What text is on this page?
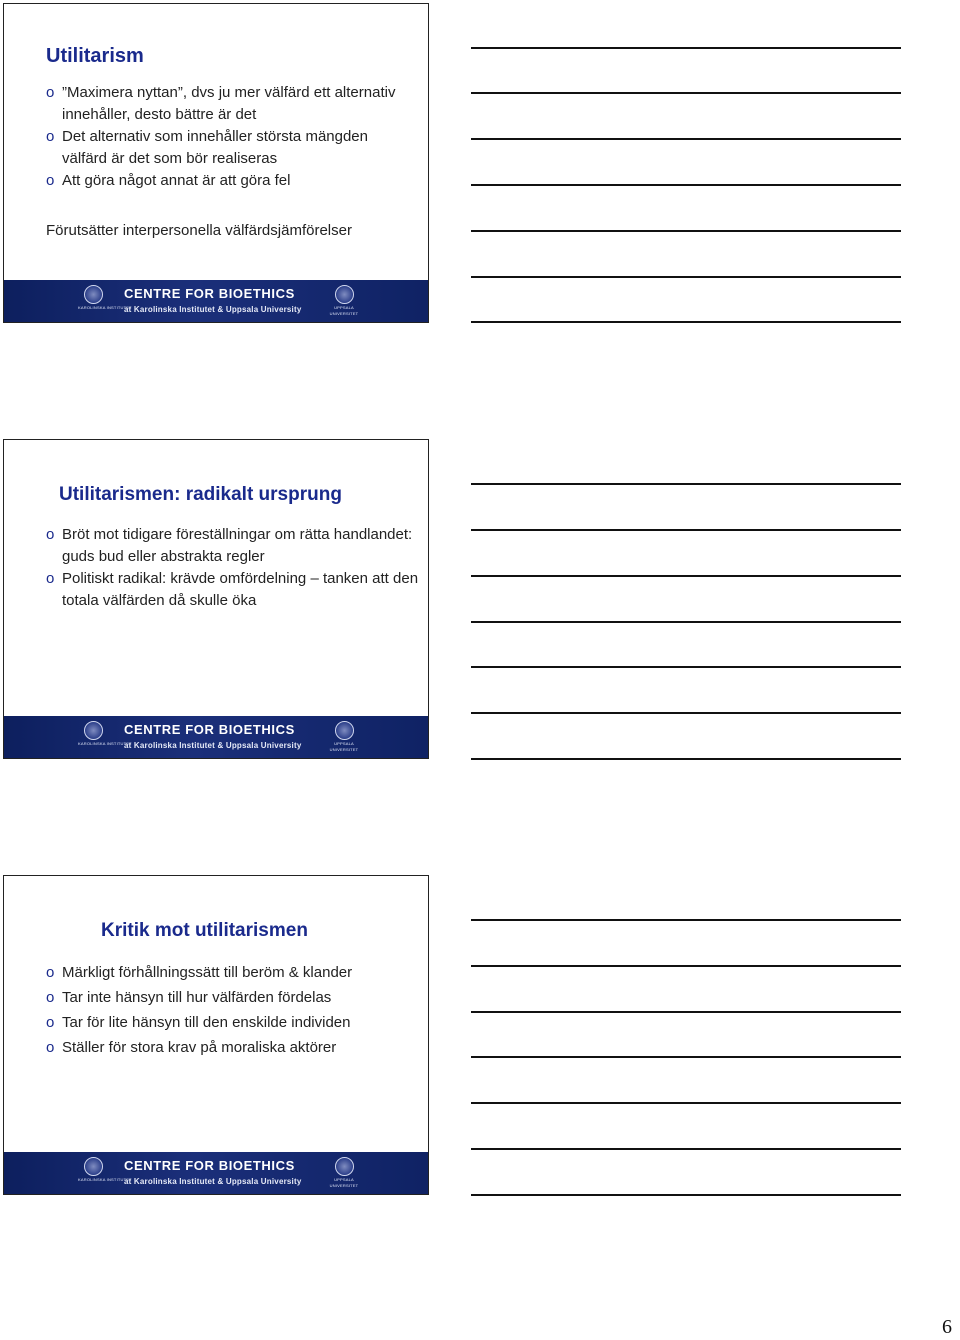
Utilitarism
o ”Maximera nyttan”, dvs ju mer välfärd ett alternativ innehåller, desto bättre är det
o Det alternativ som innehåller största mängden välfärd är det som bör realiseras
o Att göra något annat är att göra fel
Förutsätter interpersonella välfärdsjämförelser
KAROLINSKA INSTITUTET
CENTRE FOR BIOETHICS
at Karolinska Institutet & Uppsala University	UPPSALA
UNIVERSITET
Utilitarismen: radikalt ursprung
o Bröt mot tidigare föreställningar om rätta handlandet: guds bud eller abstrakta regler
o Politiskt radikal: krävde omfördelning – tanken att den totala välfärden då skulle öka
KAROLINSKA INSTITUTET
CENTRE FOR BIOETHICS
at Karolinska Institutet & Uppsala University	UPPSALA
UNIVERSITET
Kritik mot utilitarismen
o Märkligt förhållningssätt till beröm & klander
o Tar inte hänsyn till hur välfärden fördelas
o Tar för lite hänsyn till den enskilde individen
o Ställer för stora krav på moraliska aktörer
KAROLINSKA INSTITUTET
CENTRE FOR BIOETHICS
at Karolinska Institutet & Uppsala University	UPPSALA
UNIVERSITET
6
